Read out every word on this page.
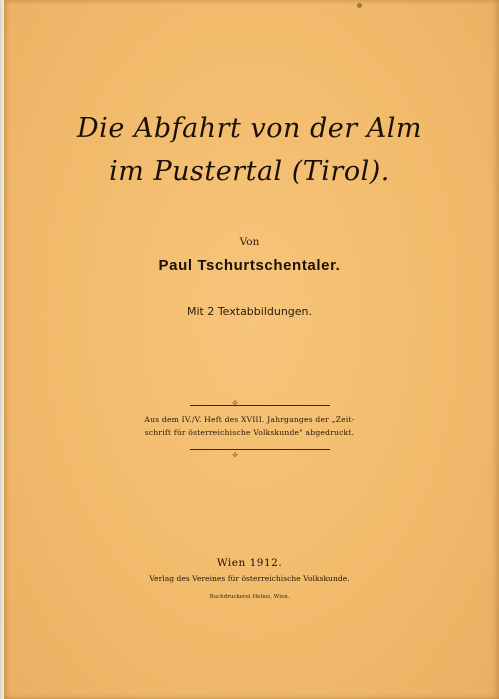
Die Abfahrt von der Alm
im Pustertal (Tirol).
Von
Paul Tschurtschentaler.
Mit 2 Textabbildungen.
✧
Aus dem IV./V. Heft des XVIII. Jahrganges der „Zeit-
schrift für österreichische Volkskunde" abgedruckt.
✧
Wien 1912.
Verlag des Vereines für österreichische Volkskunde.
Buchdruckerei Helios, Wien.
